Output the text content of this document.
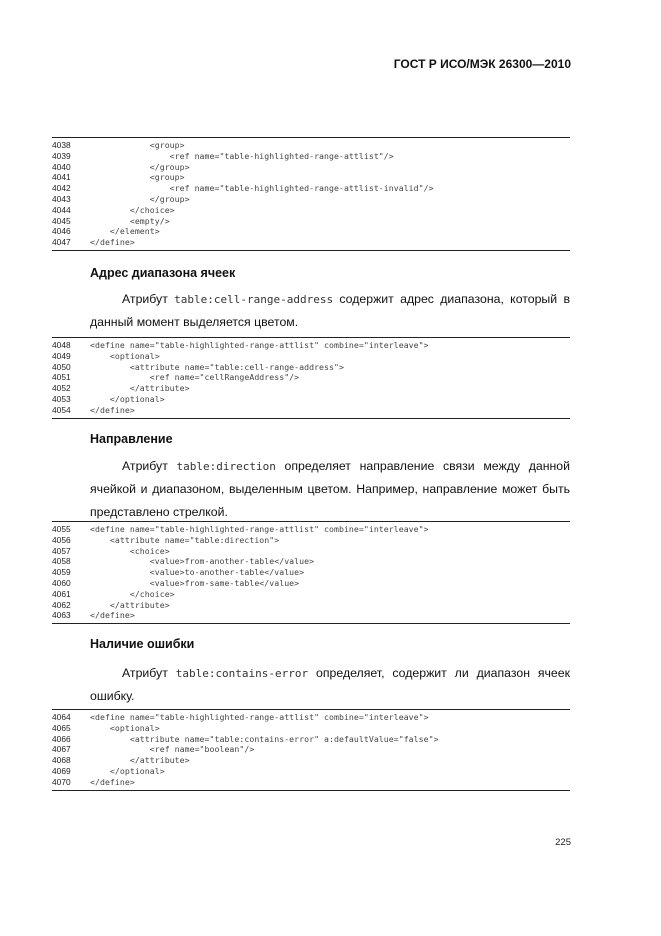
ГОСТ Р ИСО/МЭК 26300—2010
4038	<group>
4039	<ref name="table-highlighted-range-attlist"/>
4040	</group>
4041	<group>
4042	<ref name="table-highlighted-range-attlist-invalid"/>
4043	</group>
4044	</choice>
4045	<empty/>
4046	</element>
4047	</define>
Адрес диапазона ячеек

Атрибут table:cell-range-address содержит адрес диапазона, который в данный момент выделяется цветом.

4048	<define name="table-highlighted-range-attlist" combine="interleave">
4049	<optional>
4050	<attribute name="table:cell-range-address">
4051	<ref name="cellRangeAddress"/>
4052	</attribute>
4053	</optional>
4054	</define>
Направление

Атрибут table:direction определяет направление связи между данной ячейкой и диапазоном, выделенным цветом. Например, направление может быть представлено стрелкой.

4055	<define name="table-highlighted-range-attlist" combine="interleave">
4056	<attribute name="table:direction">
4057	<choice>
4058	<value>from-another-table</value>
4059	<value>to-another-table</value>
4060	<value>from-same-table</value>
4061	</choice>
4062	</attribute>
4063	</define>
Наличие ошибки

Атрибут table:contains-error определяет, содержит ли диапазон ячеек ошибку.

4064	<define name="table-highlighted-range-attlist" combine="interleave">
4065	<optional>
4066	<attribute name="table:contains-error" a:defaultValue="false">
4067	<ref name="boolean"/>
4068	</attribute>
4069	</optional>
4070	</define>
225
